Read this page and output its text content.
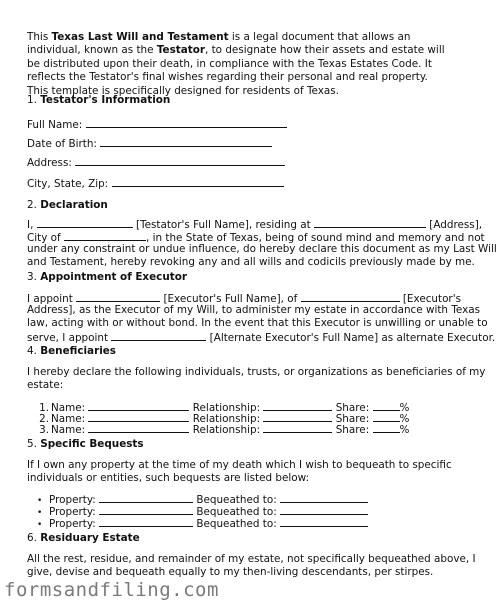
This Texas Last Will and Testament is a legal document that allows an individual, known as the Testator, to designate how their assets and estate will be distributed upon their death, in compliance with the Texas Estates Code. It reflects the Testator's final wishes regarding their personal and real property. This template is specifically designed for residents of Texas.

1. Testator's Information
Full Name:
Date of Birth:
Address:
City, State, Zip:
2. Declaration
I,	[Testator's Full Name], residing at	[Address],
City of	, in the State of Texas, being of sound mind and memory and not
under any constraint or undue influence, do hereby declare this document as my Last Will
and Testament, hereby revoking any and all wills and codicils previously made by me.
3. Appointment of Executor
I appoint	[Executor's Full Name], of	[Executor's
Address], as the Executor of my Will, to administer my estate in accordance with Texas
law, acting with or without bond. In the event that this Executor is unwilling or unable to
serve, I appoint	[Alternate Executor's Full Name] as alternate Executor.
4. Beneficiaries
I hereby declare the following individuals, trusts, or organizations as beneficiaries of my
estate:
1. Name:	Relationship:	Share:	%
2. Name:	Relationship:	Share:	%
3. Name:	Relationship:	Share:	%
5. Specific Bequests
If I own any property at the time of my death which I wish to bequeath to specific
individuals or entities, such bequests are listed below:
• Property:	Bequeathed to:
• Property:	Bequeathed to:
• Property:	Bequeathed to:
6. Residuary Estate
All the rest, residue, and remainder of my estate, not specifically bequeathed above, I
give, devise and bequeath equally to my then-living descendants, per stirpes.
formsandfiling.com
